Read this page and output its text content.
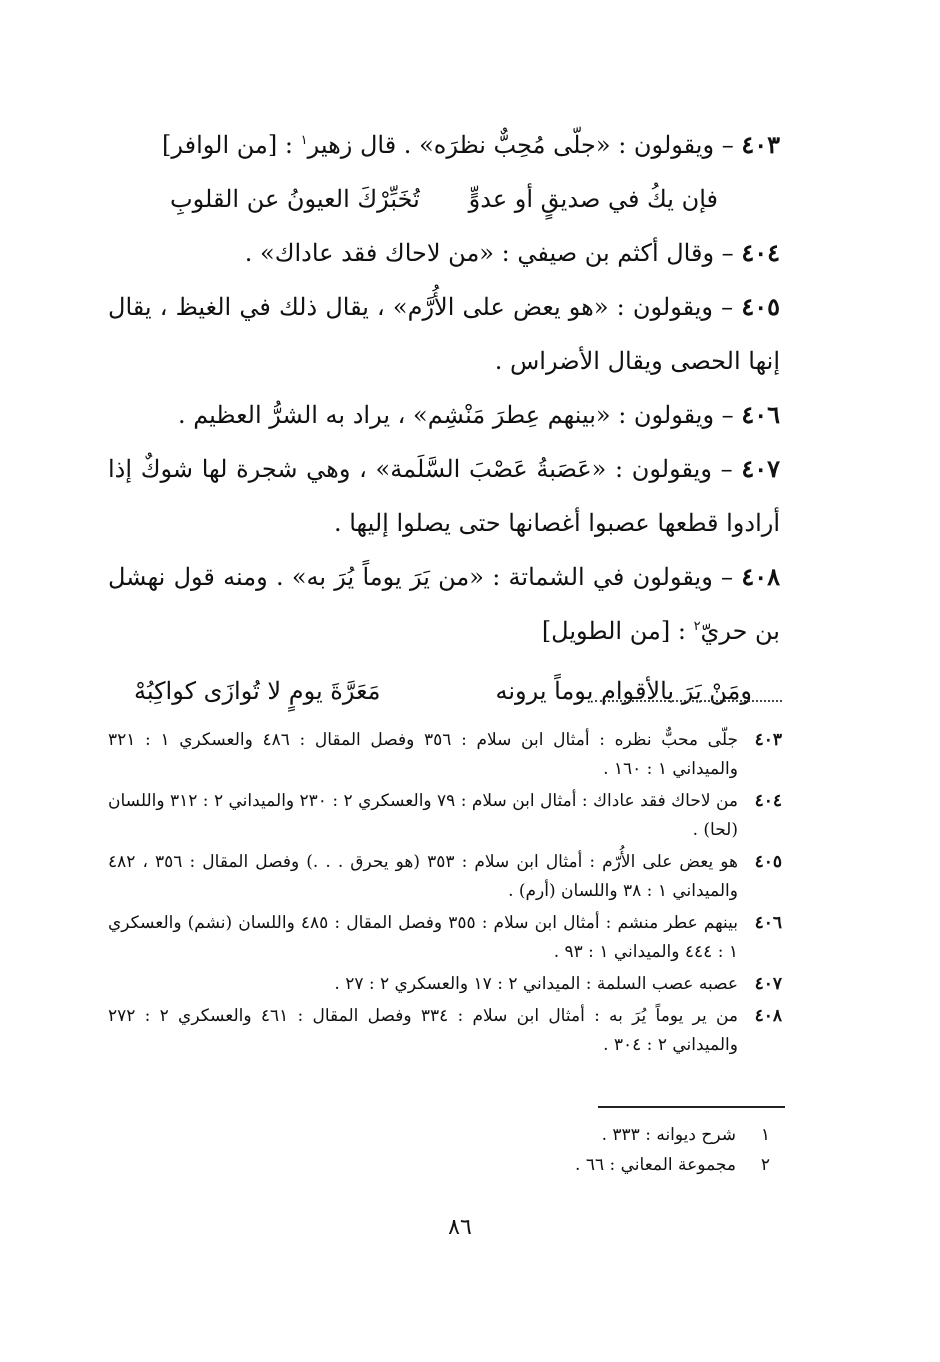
٤٠٣ – ويقولون : «جلّى مُحِبٌّ نظرَه» . قال زهير$^١$ : [من الوافر]

فإن يكُ في صديقٍ أو عدوٍّ
تُخَبِّرْكَ العيونُ عن القلوبِ

٤٠٤ – وقال أكثم بن صيفي : «من لاحاك فقد عاداك» .

٤٠٥ – ويقولون : «هو يعض على الأُرَّم» ، يقال ذلك في الغيظ ، يقال إنها الحصى ويقال الأضراس .

٤٠٦ – ويقولون : «بينهم عِطرَ مَنْشِم» ، يراد به الشرُّ العظيم .

٤٠٧ – ويقولون : «عَصَبةُ عَصْبَ السَّلَمة» ، وهي شجرة لها شوكٌ إذا أرادوا قطعها عصبوا أغصانها حتى يصلوا إليها .

٤٠٨ – ويقولون في الشماتة : «من يَرَ يوماً يُرَ به» . ومنه قول نهشل بن حريّ$^٢$ : [من الطويل]

ومَنْ يَرَ بالأقوام يوماً يرونه
مَعَرَّةَ يومٍ لا تُوازَى كواكِبُهْ
٤٠٣
جلّى محبٌّ نظره : أمثال ابن سلام : ٣٥٦ وفصل المقال : ٤٨٦ والعسكري ١ : ٣٢١ والميداني ١ : ١٦٠ .
٤٠٤
من لاحاك فقد عاداك : أمثال ابن سلام : ٧٩ والعسكري ٢ : ٢٣٠ والميداني ٢ : ٣١٢ واللسان (لحا) .
٤٠٥
هو يعض على الأُرّم : أمثال ابن سلام : ٣٥٣ (هو يحرق . . .) وفصل المقال : ٣٥٦ ، ٤٨٢ والميداني ١ : ٣٨ واللسان (أرم) .
٤٠٦
بينهم عطر منشم : أمثال ابن سلام : ٣٥٥ وفصل المقال : ٤٨٥ واللسان (نشم) والعسكري ١ : ٤٤٤ والميداني ١ : ٩٣ .
٤٠٧
عصبه عصب السلمة : الميداني ٢ : ١٧ والعسكري ٢ : ٢٧ .
٤٠٨
من ير يوماً يُرَ به : أمثال ابن سلام : ٣٣٤ وفصل المقال : ٤٦١ والعسكري ٢ : ٢٧٢ والميداني ٢ : ٣٠٤ .
١
شرح ديوانه : ٣٣٣ .
٢
مجموعة المعاني : ٦٦ .
٨٦
